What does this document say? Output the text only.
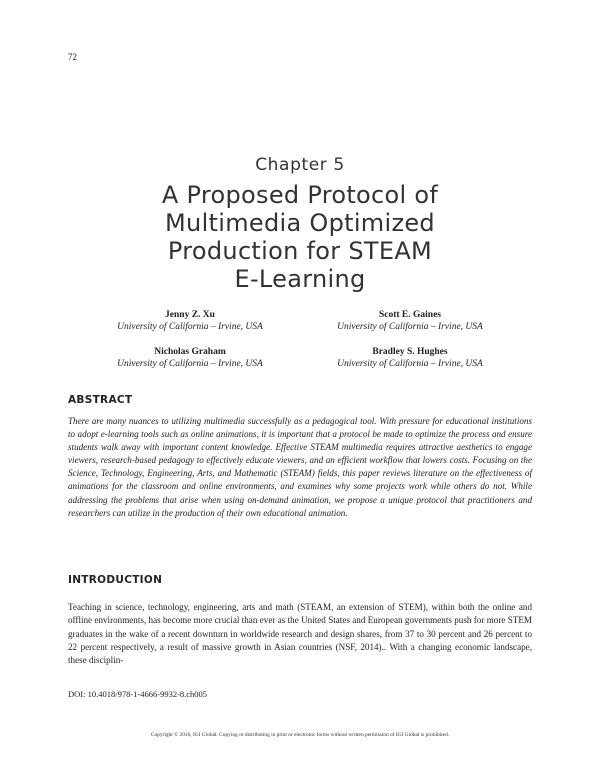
72
Chapter 5
A Proposed Protocol of
Multimedia Optimized
Production for STEAM
E-Learning
Jenny Z. Xu
University of California – Irvine, USA
Scott E. Gaines
University of California – Irvine, USA
Nicholas Graham
University of California – Irvine, USA
Bradley S. Hughes
University of California – Irvine, USA
ABSTRACT
There are many nuances to utilizing multimedia successfully as a pedagogical tool. With pressure for educational institutions to adopt e-learning tools such as online animations, it is important that a protocol be made to optimize the process and ensure students walk away with important content knowledge. Effective STEAM multimedia requires attractive aesthetics to engage viewers, research-based pedagogy to effectively educate viewers, and an efficient workflow that lowers costs. Focusing on the Science, Technology, Engineering, Arts, and Mathematic (STEAM) fields, this paper reviews literature on the effectiveness of animations for the classroom and online environments, and examines why some projects work while others do not. While addressing the problems that arise when using on-demand animation, we propose a unique protocol that practitioners and researchers can utilize in the production of their own educational animation.
INTRODUCTION
Teaching in science, technology, engineering, arts and math (STEAM, an extension of STEM), within both the online and offline environments, has become more crucial than ever as the United States and European governments push for more STEM graduates in the wake of a recent downturn in worldwide research and design shares, from 37 to 30 percent and 26 percent to 22 percent respectively, a result of massive growth in Asian countries (NSF, 2014).. With a changing economic landscape, these disciplin-
DOI: 10.4018/978-1-4666-9932-8.ch005
Copyright © 2016, IGI Global. Copying or distributing in print or electronic forms without written permission of IGI Global is prohibited.
